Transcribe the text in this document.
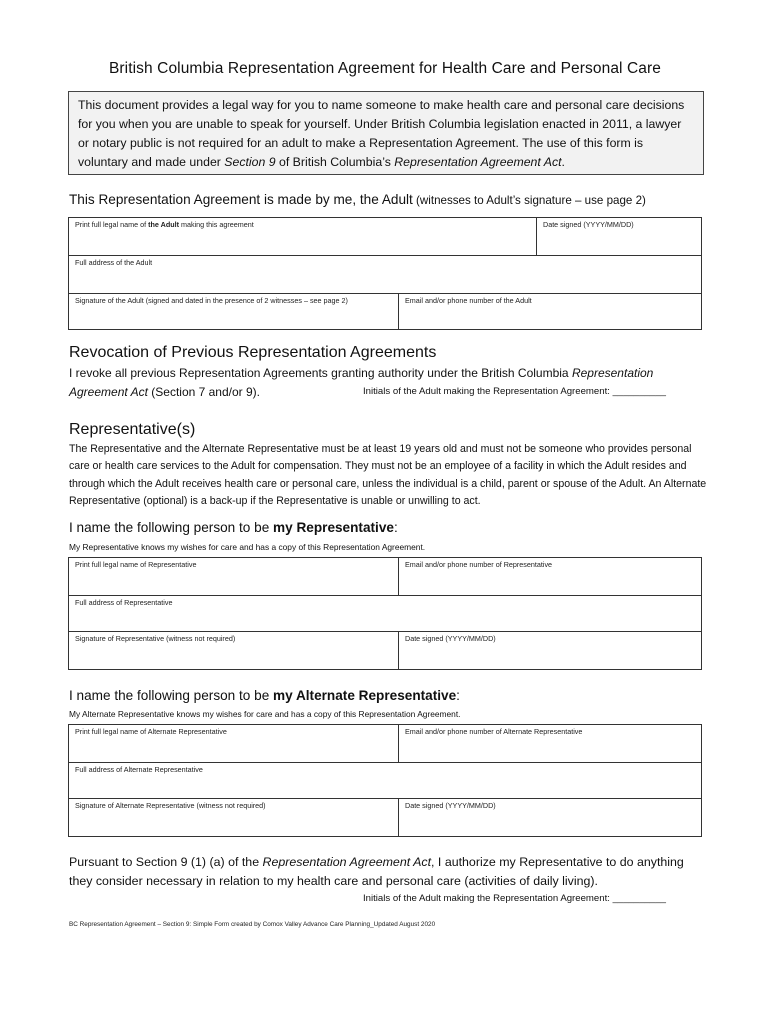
British Columbia Representation Agreement for Health Care and Personal Care
This document provides a legal way for you to name someone to make health care and personal care decisions for you when you are unable to speak for yourself. Under British Columbia legislation enacted in 2011, a lawyer or notary public is not required for an adult to make a Representation Agreement. The use of this form is voluntary and made under Section 9 of British Columbia’s Representation Agreement Act.
This Representation Agreement is made by me, the Adult (witnesses to Adult’s signature – use page 2)
Print full legal name of the Adult making this agreement	Date signed (YYYY/MM/DD)
Full address of the Adult
Signature of the Adult (signed and dated in the presence of 2 witnesses – see page 2)	Email and/or phone number of the Adult
Revocation of Previous Representation Agreements
I revoke all previous Representation Agreements granting authority under the British Columbia Representation Agreement Act (Section 7 and/or 9).	Initials of the Adult making the Representation Agreement: __________
Representative(s)
The Representative and the Alternate Representative must be at least 19 years old and must not be someone who provides personal care or health care services to the Adult for compensation. They must not be an employee of a facility in which the Adult resides and through which the Adult receives health care or personal care, unless the individual is a child, parent or spouse of the Adult. An Alternate Representative (optional) is a back-up if the Representative is unable or unwilling to act.
I name the following person to be my Representative:
My Representative knows my wishes for care and has a copy of this Representation Agreement.
Print full legal name of Representative	Email and/or phone number of Representative
Full address of Representative
Signature of Representative (witness not required)	Date signed (YYYY/MM/DD)
I name the following person to be my Alternate Representative:
My Alternate Representative knows my wishes for care and has a copy of this Representation Agreement.
Print full legal name of Alternate Representative	Email and/or phone number of Alternate Representative
Full address of Alternate Representative
Signature of Alternate Representative (witness not required)	Date signed (YYYY/MM/DD)
Pursuant to Section 9 (1) (a) of the Representation Agreement Act, I authorize my Representative to do anything they consider necessary in relation to my health care and personal care (activities of daily living).
Initials of the Adult making the Representation Agreement: __________
BC Representation Agreement – Section 9: Simple Form created by Comox Valley Advance Care Planning_Updated August 2020
